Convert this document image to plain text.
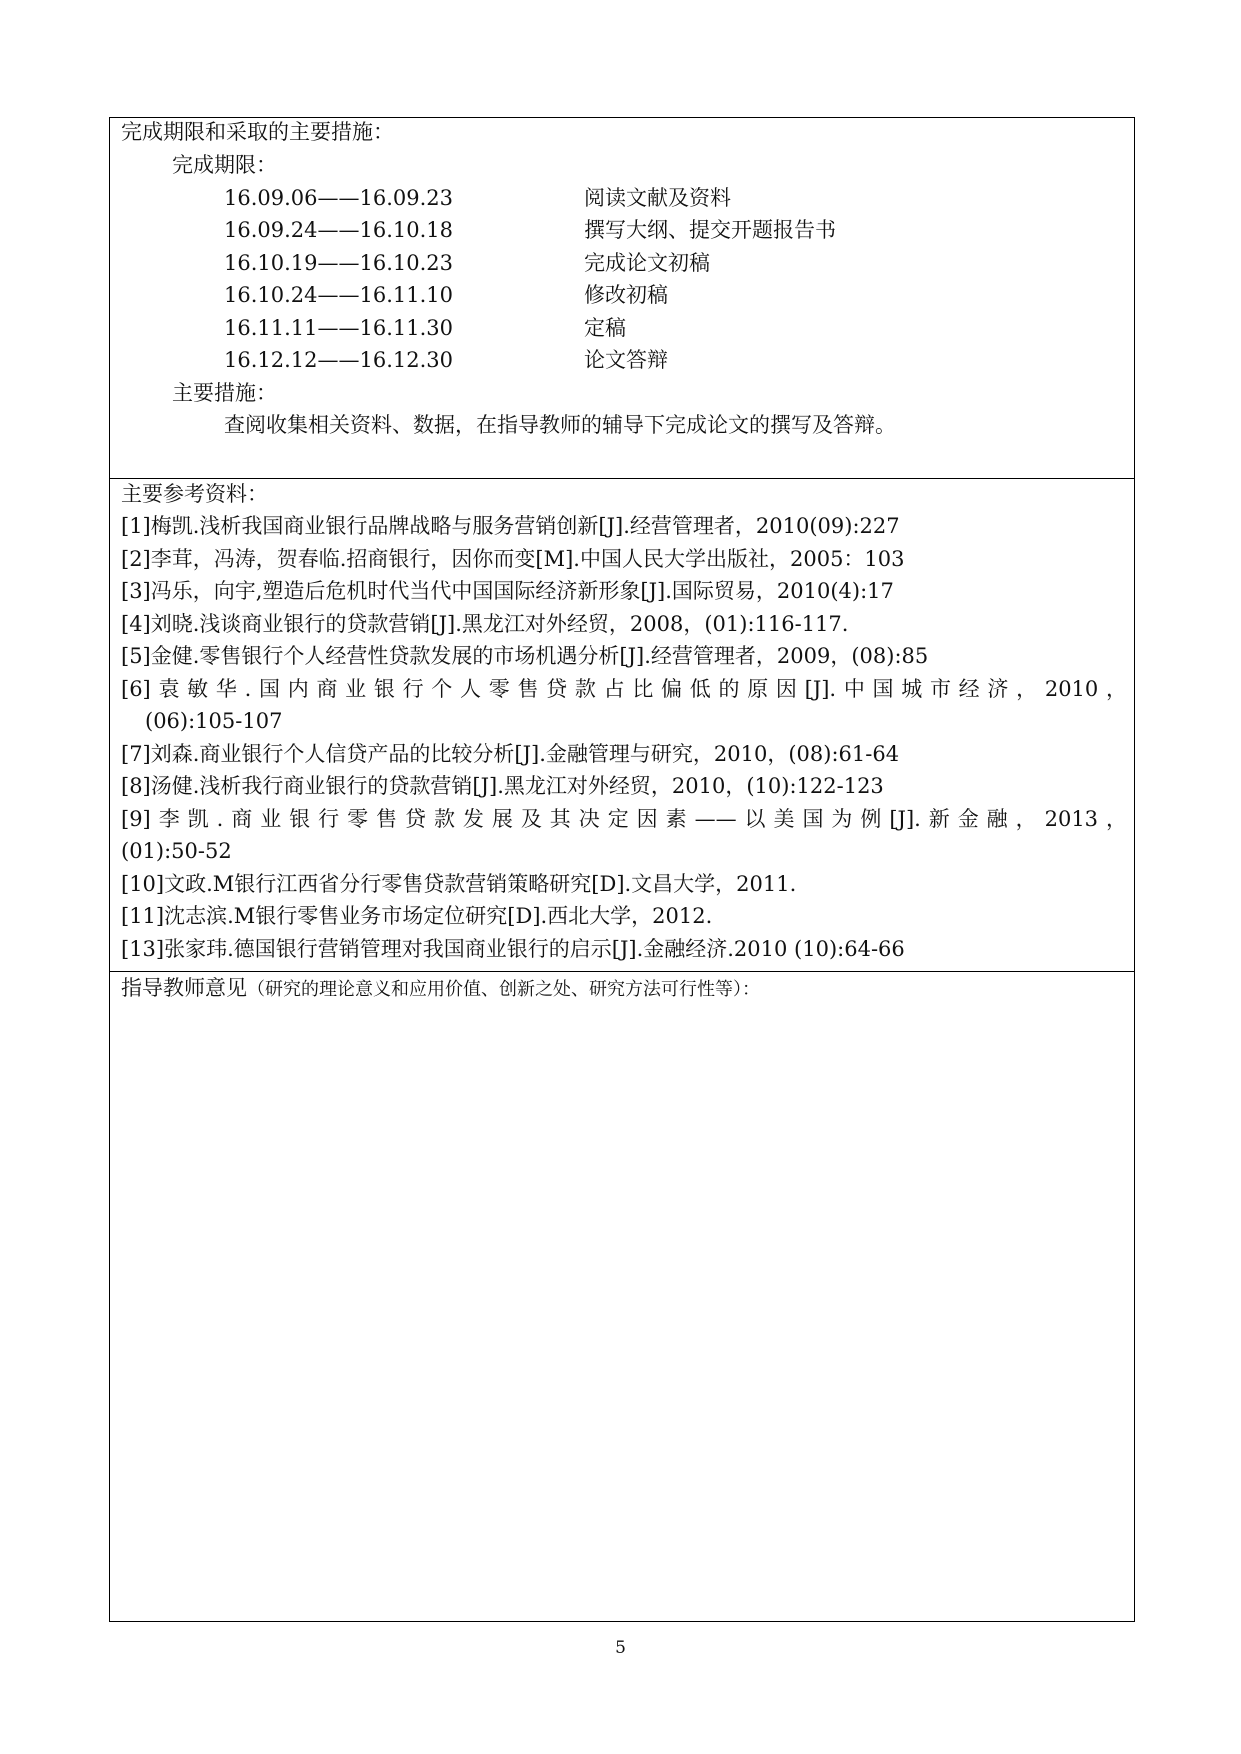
完成期限和采取的主要措施：
完成期限：
16.09.06——16.09.23	阅读文献及资料
16.09.24——16.10.18	撰写大纲、提交开题报告书
16.10.19——16.10.23	完成论文初稿
16.10.24——16.11.10	修改初稿
16.11.11——16.11.30	定稿
16.12.12——16.12.30	论文答辩
主要措施：
查阅收集相关资料、数据，在指导教师的辅导下完成论文的撰写及答辩。
主要参考资料：
[1]梅凯.浅析我国商业银行品牌战略与服务营销创新[J].经营管理者，2010(09):227
[2]李茸，冯涛，贺春临.招商银行，因你而变[M].中国人民大学出版社，2005：103
[3]冯乐，向宇,塑造后危机时代当代中国国际经济新形象[J].国际贸易，2010(4):17
[4]刘晓.浅谈商业银行的贷款营销[J].黑龙江对外经贸，2008，(01):116-117.
[5]金健.零售银行个人经营性贷款发展的市场机遇分析[J].经营管理者，2009，(08):85
[6]袁敏华.国内商业银行个人零售贷款占比偏低的原因[J].中国城市经济，2010，
(06):105-107
[7]刘森.商业银行个人信贷产品的比较分析[J].金融管理与研究，2010，(08):61-64
[8]汤健.浅析我行商业银行的贷款营销[J].黑龙江对外经贸，2010，(10):122-123
[9]李凯.商业银行零售贷款发展及其决定因素——以美国为例[J].新金融，2013，
(01):50-52
[10]文政.M银行江西省分行零售贷款营销策略研究[D].文昌大学，2011.
[11]沈志滨.M银行零售业务市场定位研究[D].西北大学，2012.
[13]张家玮.德国银行营销管理对我国商业银行的启示[J].金融经济.2010 (10):64-66
指导教师意见（研究的理论意义和应用价值、创新之处、研究方法可行性等）：
5
